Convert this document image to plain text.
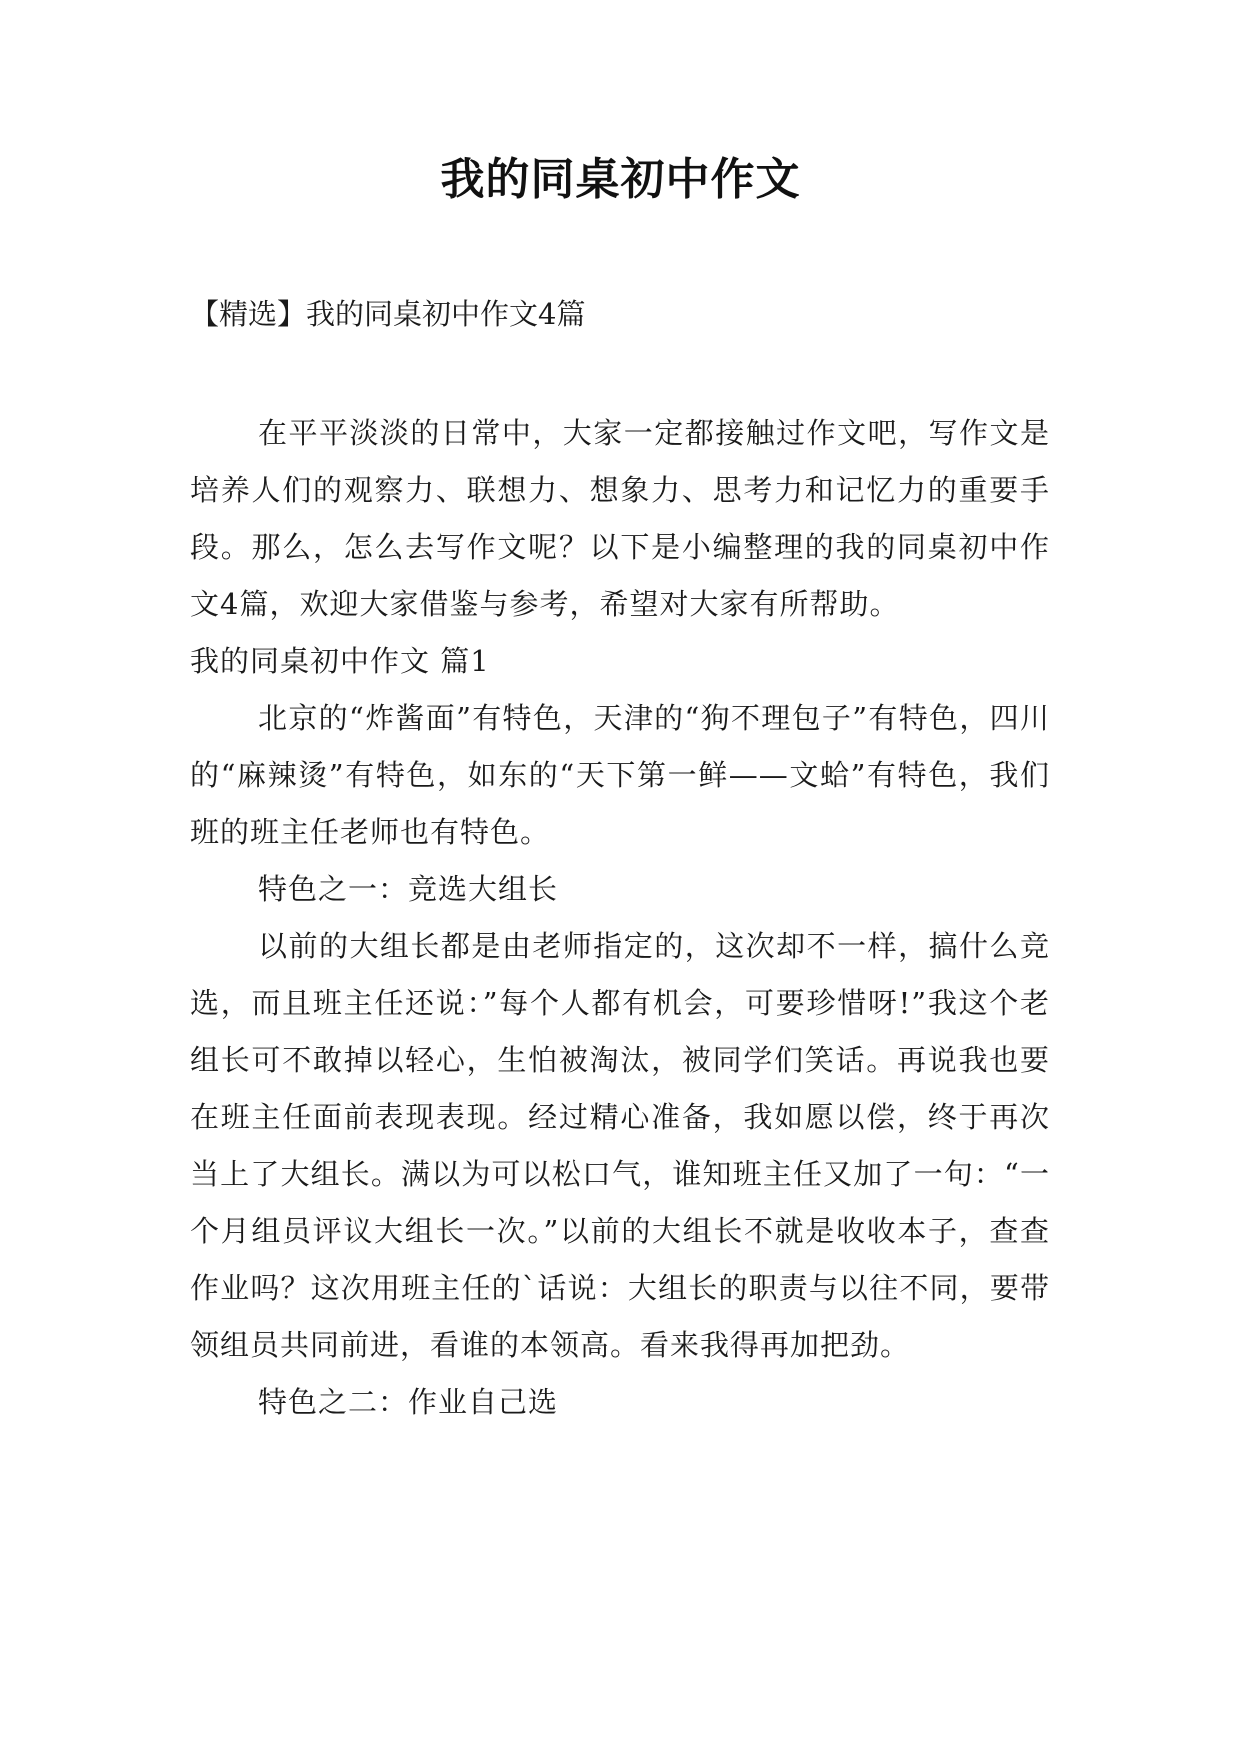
我的同桌初中作文
【精选】我的同桌初中作文4篇

在平平淡淡的日常中，大家一定都接触过作文吧，写作文是培养人们的观察力、联想力、想象力、思考力和记忆力的重要手段。那么，怎么去写作文呢？以下是小编整理的我的同桌初中作文4篇，欢迎大家借鉴与参考，希望对大家有所帮助。

我的同桌初中作文 篇1

北京的“炸酱面”有特色，天津的“狗不理包子”有特色，四川的“麻辣烫”有特色，如东的“天下第一鲜——文蛤”有特色，我们班的班主任老师也有特色。

特色之一：竞选大组长

以前的大组长都是由老师指定的，这次却不一样，搞什么竞选，而且班主任还说：”每个人都有机会，可要珍惜呀!”我这个老组长可不敢掉以轻心，生怕被淘汰，被同学们笑话。再说我也要在班主任面前表现表现。经过精心准备，我如愿以偿，终于再次当上了大组长。满以为可以松口气，谁知班主任又加了一句：“一个月组员评议大组长一次。”以前的大组长不就是收收本子，查查作业吗？这次用班主任的`话说：大组长的职责与以往不同，要带领组员共同前进，看谁的本领高。看来我得再加把劲。

特色之二：作业自己选
